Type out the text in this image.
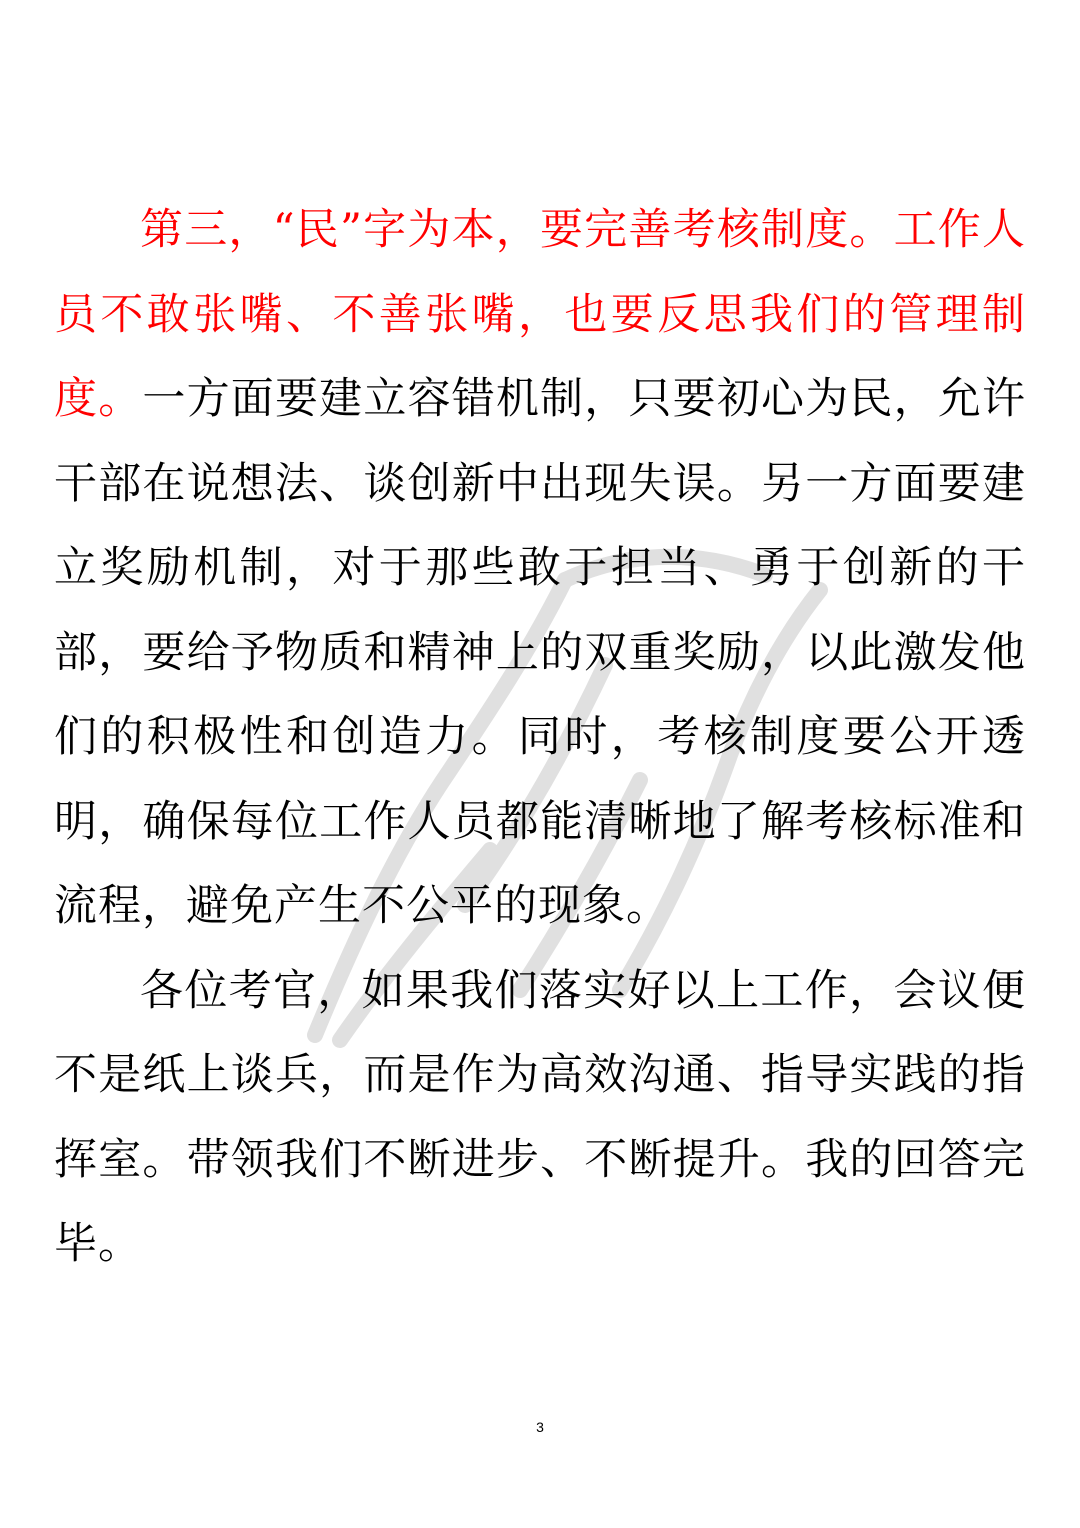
第三，“民”字为本，要完善考核制度。工作人员不敢张嘴、不善张嘴，也要反思我们的管理制度。一方面要建立容错机制，只要初心为民，允许干部在说想法、谈创新中出现失误。另一方面要建立奖励机制，对于那些敢于担当、勇于创新的干部，要给予物质和精神上的双重奖励，以此激发他们的积极性和创造力。同时，考核制度要公开透明，确保每位工作人员都能清晰地了解考核标准和流程，避免产生不公平的现象。

各位考官，如果我们落实好以上工作，会议便不是纸上谈兵，而是作为高效沟通、指导实践的指挥室。带领我们不断进步、不断提升。我的回答完毕。

3
